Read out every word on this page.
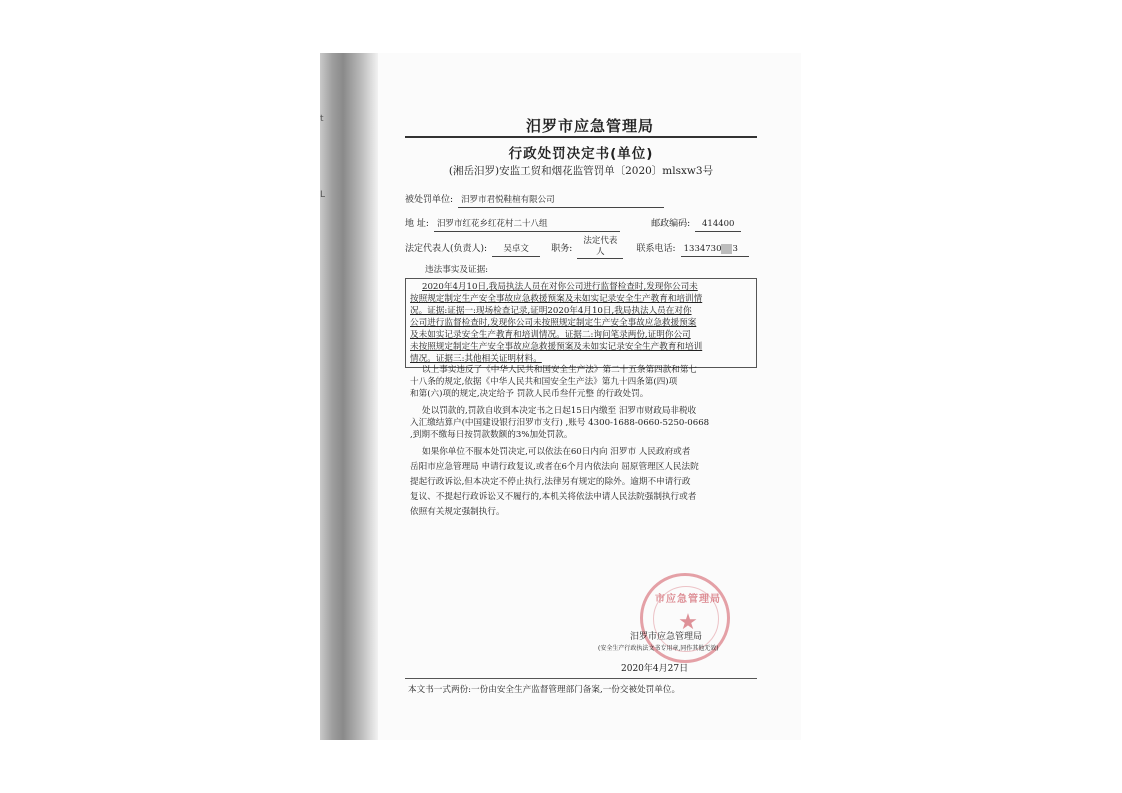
t
L
汨罗市应急管理局
行政处罚决定书(单位)
(湘岳汨罗)安监工贸和烟花监管罚单〔2020〕mlsxw3号
被处罚单位: 汨罗市君悦鞋楦有限公司
地 址: 汨罗市红花乡红花村二十八组	邮政编码: 414400
法定代表人(负责人): 吴卓文 职务: 法定代表
人	联系电话: 1334730 3
违法事实及证据:
2020年4月10日,我局执法人员在对你公司进行监督检查时,发现你公司未
按照规定制定生产安全事故应急救援预案及未如实记录安全生产教育和培训情
况。证据:证据一:现场检查记录,证明2020年4月10日,我局执法人员在对你
公司进行监督检查时,发现你公司未按照规定制定生产安全事故应急救援预案
及未如实记录安全生产教育和培训情况。证据二:询问笔录两份,证明你公司
未按照规定制定生产安全事故应急救援预案及未如实记录安全生产教育和培训
情况。证据三:其他相关证明材料。
以上事实违反了《中华人民共和国安全生产法》第二十五条第四款和第七
十八条的规定,依据《中华人民共和国安全生产法》第九十四条第(四)项
和第(六)项的规定,决定给予 罚款人民币叁仟元整 的行政处罚。
处以罚款的,罚款自收到本决定书之日起15日内缴至 汨罗市财政局非税收
入汇缴结算户(中国建设银行汨罗市支行) ,账号 4300-1688-0660-5250-0668
,到期不缴每日按罚款数额的3%加处罚款。
如果你单位不服本处罚决定,可以依法在60日内向 汨罗市 人民政府或者
岳阳市应急管理局 申请行政复议,或者在6个月内依法向 屈原管理区人民法院
提起行政诉讼,但本决定不停止执行,法律另有规定的除外。逾期不申请行政
复议、不提起行政诉讼又不履行的,本机关将依法申请人民法院强制执行或者
依照有关规定强制执行。
市应急管理局
★
汨罗市应急管理局
(安全生产行政执法文书专用章,同作其他无效)
2020年4月27日
本文书一式两份:一份由安全生产监督管理部门备案,一份交被处罚单位。
